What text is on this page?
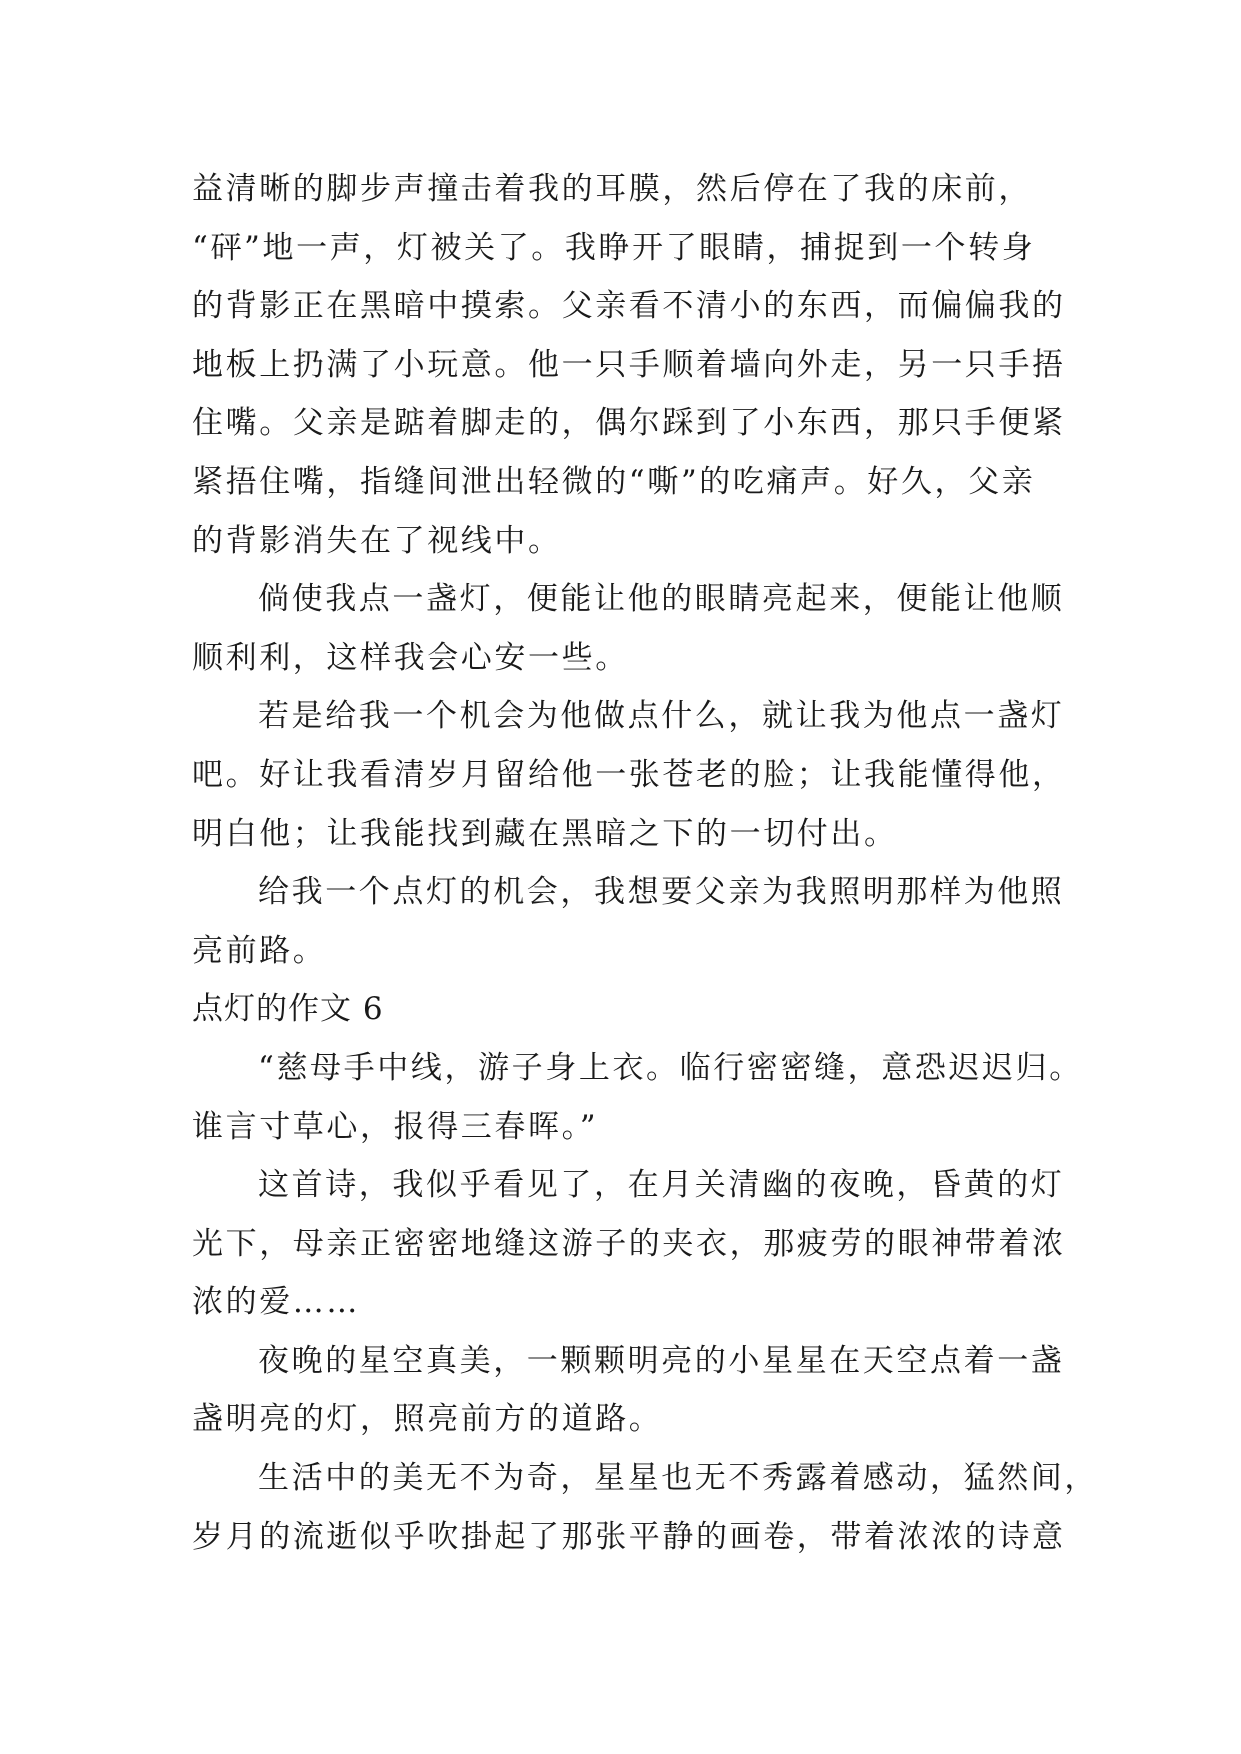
益清晰的脚步声撞击着我的耳膜，然后停在了我的床前，
“砰”地一声，灯被关了。我睁开了眼睛，捕捉到一个转身
的背影正在黑暗中摸索。父亲看不清小的东西，而偏偏我的
地板上扔满了小玩意。他一只手顺着墙向外走，另一只手捂
住嘴。父亲是踮着脚走的，偶尔踩到了小东西，那只手便紧
紧捂住嘴，指缝间泄出轻微的“嘶”的吃痛声。好久，父亲
的背影消失在了视线中。
倘使我点一盏灯，便能让他的眼睛亮起来，便能让他顺
顺利利，这样我会心安一些。
若是给我一个机会为他做点什么，就让我为他点一盏灯
吧。好让我看清岁月留给他一张苍老的脸；让我能懂得他，
明白他；让我能找到藏在黑暗之下的一切付出。
给我一个点灯的机会，我想要父亲为我照明那样为他照
亮前路。
点灯的作文 6
“慈母手中线，游子身上衣。临行密密缝，意恐迟迟归。
谁言寸草心，报得三春晖。”
这首诗，我似乎看见了，在月关清幽的夜晚，昏黄的灯
光下，母亲正密密地缝这游子的夹衣，那疲劳的眼神带着浓
浓的爱……
夜晚的星空真美，一颗颗明亮的小星星在天空点着一盏
盏明亮的灯，照亮前方的道路。
生活中的美无不为奇，星星也无不秀露着感动，猛然间，
岁月的流逝似乎吹掛起了那张平静的画卷，带着浓浓的诗意
